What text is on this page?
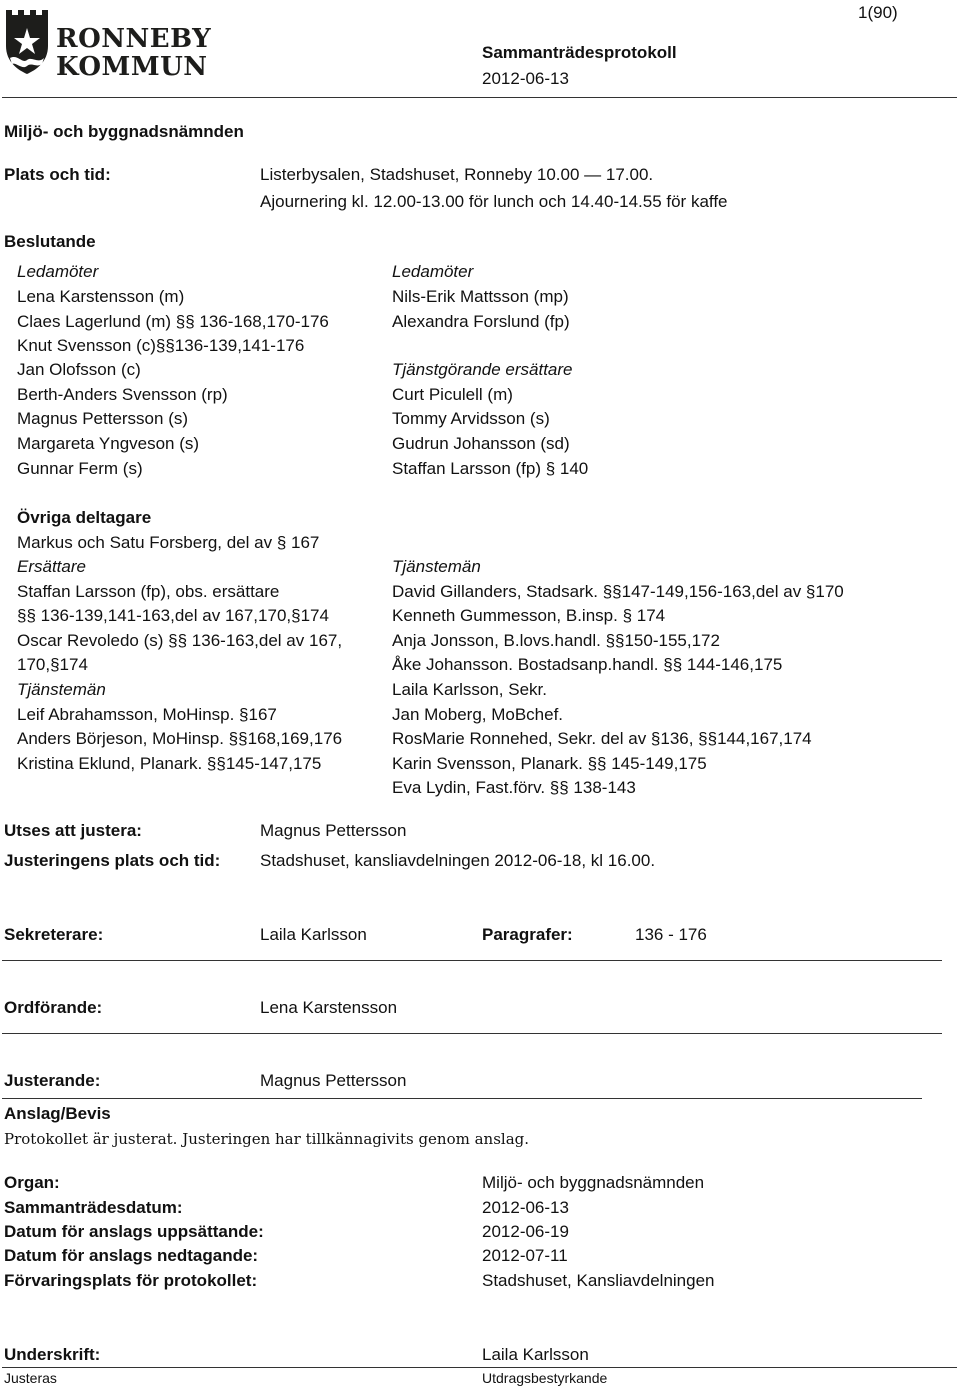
RONNEBY
KOMMUN
1(90)
Sammanträdesprotokoll
2012-06-13
Miljö- och byggnadsnämnden
Plats och tid:	Listerbysalen, Stadshuset, Ronneby 10.00 — 17.00.
Ajournering kl. 12.00-13.00 för lunch och 14.40-14.55 för kaffe
Beslutande
Ledamöter
Lena Karstensson (m)
Claes Lagerlund (m) §§ 136-168,170-176
Knut Svensson (c)§§136-139,141-176
Jan Olofsson (c)
Berth-Anders Svensson (rp)
Magnus Pettersson (s)
Margareta Yngveson (s)
Gunnar Ferm (s)
Ledamöter
Nils-Erik Mattsson (mp)
Alexandra Forslund (fp)
Tjänstgörande ersättare
Curt Piculell (m)
Tommy Arvidsson (s)
Gudrun Johansson (sd)
Staffan Larsson (fp) § 140
Övriga deltagare
Markus och Satu Forsberg, del av § 167
Ersättare
Staffan Larsson (fp), obs. ersättare
§§ 136-139,141-163,del av 167,170,§174
Oscar Revoledo (s) §§ 136-163,del av 167,
170,§174
Tjänstemän
Leif Abrahamsson, MoHinsp. §167
Anders Börjeson, MoHinsp. §§168,169,176
Kristina Eklund, Planark. §§145-147,175
Tjänstemän
David Gillanders, Stadsark. §§147-149,156-163,del av §170
Kenneth Gummesson, B.insp. § 174
Anja Jonsson, B.lovs.handl. §§150-155,172
Åke Johansson. Bostadsanp.handl. §§ 144-146,175
Laila Karlsson, Sekr.
Jan Moberg, MoBchef.
RosMarie Ronnehed, Sekr. del av §136, §§144,167,174
Karin Svensson, Planark. §§ 145-149,175
Eva Lydin, Fast.förv. §§ 138-143
Utses att justera:	Magnus Pettersson
Justeringens plats och tid: Stadshuset, kansliavdelningen 2012-06-18, kl 16.00.
Sekreterare:	Laila Karlsson	Paragrafer:	136 - 176
Ordförande:	Lena Karstensson
Justerande:	Magnus Pettersson
Anslag/Bevis
Protokollet är justerat. Justeringen har tillkännagivits genom anslag.
Organ:	Miljö- och byggnadsnämnden
Sammanträdesdatum:	2012-06-13
Datum för anslags uppsättande:	2012-06-19
Datum för anslags nedtagande:	2012-07-11
Förvaringsplats för protokollet:	Stadshuset, Kansliavdelningen
Underskrift:	Laila Karlsson
Justeras	Utdragsbestyrkande
